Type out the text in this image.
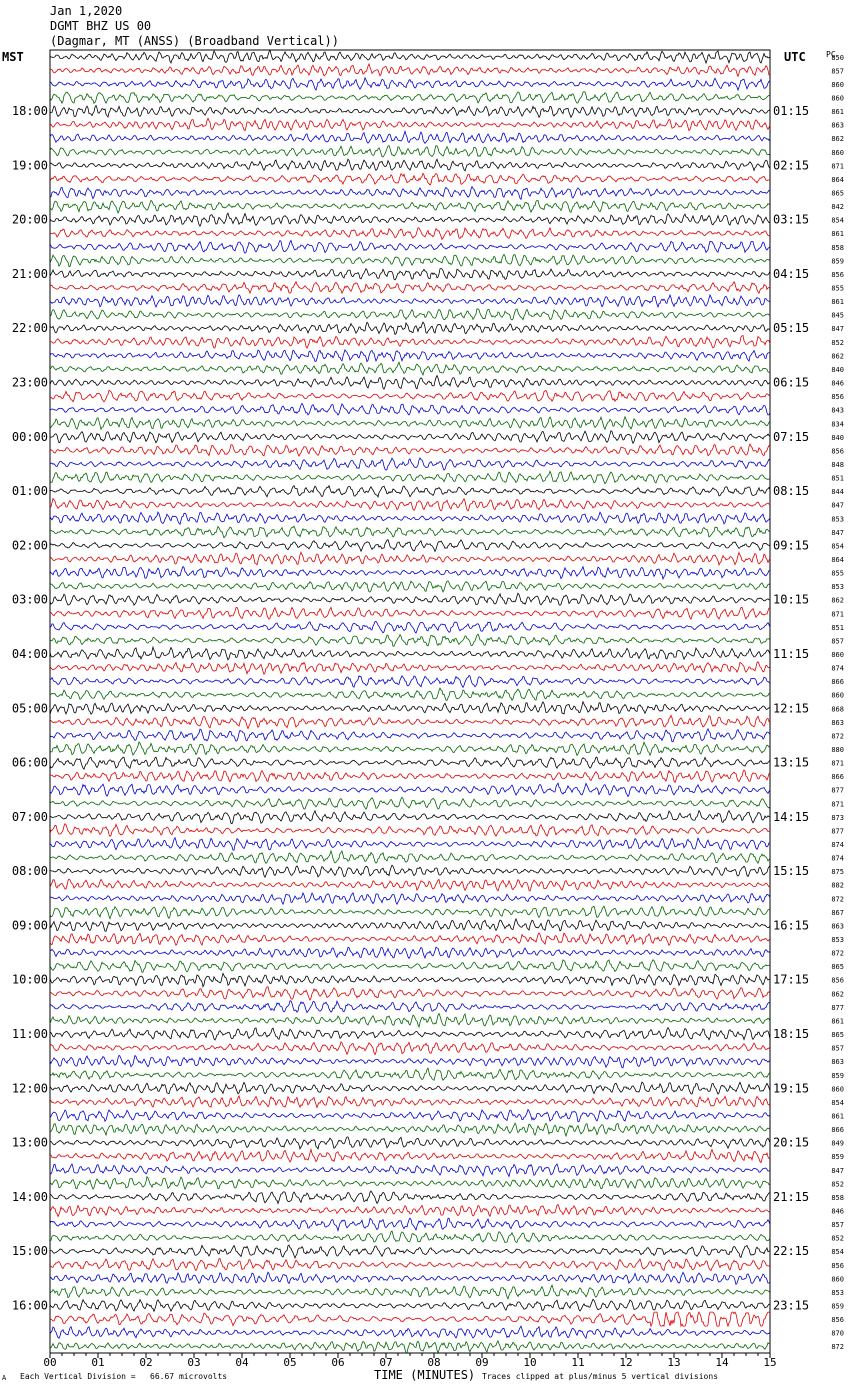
Jan 1,2020
DGMT BHZ US 00
(Dagmar, MT (ANSS) (Broadband Vertical))
MST	UTC	PC
850
857
860
860
861
863
862
860
871
864
865
842
854
861
858
859
856
855
861
845
847
852
862
840
846
856
843
834
840
856
848
851
844
847
853
847
854
864
855
853
862
871
851
857
860
874
866
860
868
863
872
880
871
866
877
871
873
877
874
874
875
882
872
867
863
853
872
865
856
862
877
861
865
857
863
859
860
854
861
866
849
859
847
852
858
846
857
852
854
856
860
853
859
856
870
872
18:00
19:00
20:00
21:00
22:00
23:00
00:00
01:00
02:00
03:00
04:00
05:00
06:00
07:00
08:00
09:00
10:00
11:00
12:00
13:00
14:00
15:00
16:00
01:15
02:15
03:15
04:15
05:15
06:15
07:15
08:15
09:15
10:15
11:15
12:15
13:15
14:15
15:15
16:15
17:15
18:15
19:15
20:15
21:15
22:15
23:15
00	01	02	03	04	05	06	07	08	09	10	11	12	13	14	15
A Each Vertical Division =   66.67 microvolts	TIME (MINUTES) Traces clipped at plus/minus 5 vertical divisions
